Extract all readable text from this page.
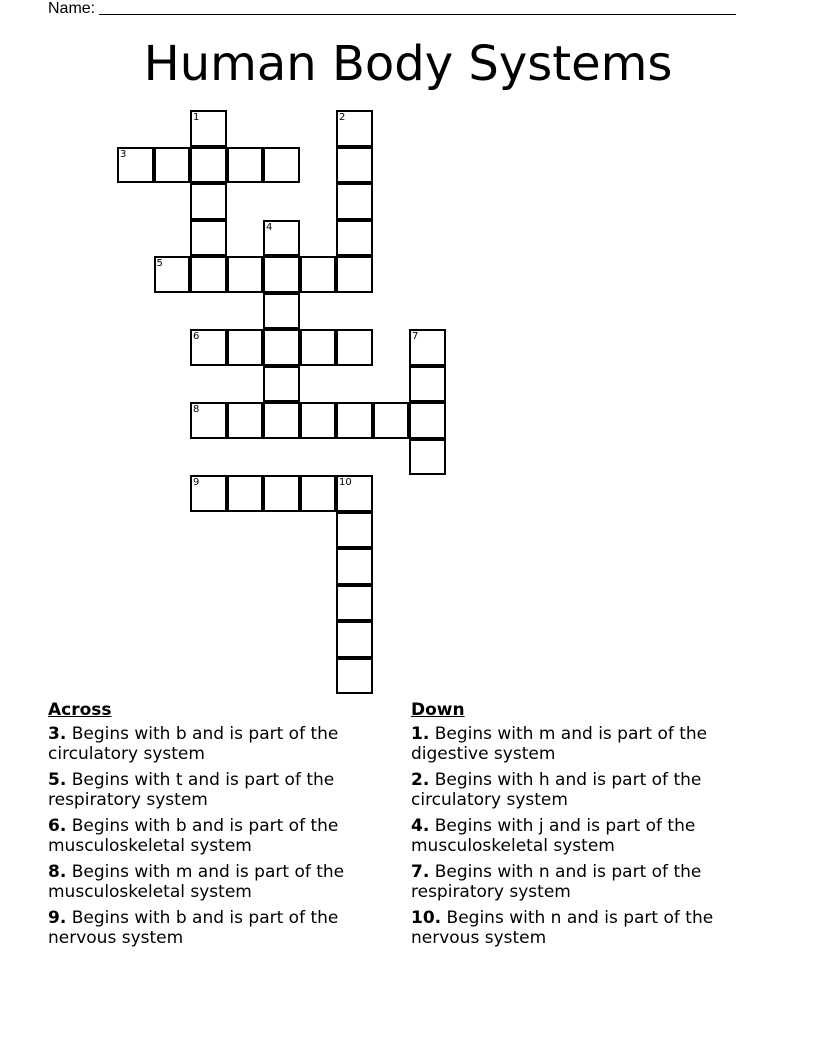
Name:
Human Body Systems
1	2
3
4
5
6	7
8
9	10
Across
3. Begins with b and is part of the circulatory system
5. Begins with t and is part of the respiratory system
6. Begins with b and is part of the musculoskeletal system
8. Begins with m and is part of the musculoskeletal system
9. Begins with b and is part of the nervous system
Down
1. Begins with m and is part of the digestive system
2. Begins with h and is part of the circulatory system
4. Begins with j and is part of the musculoskeletal system
7. Begins with n and is part of the respiratory system
10. Begins with n and is part of the nervous system
